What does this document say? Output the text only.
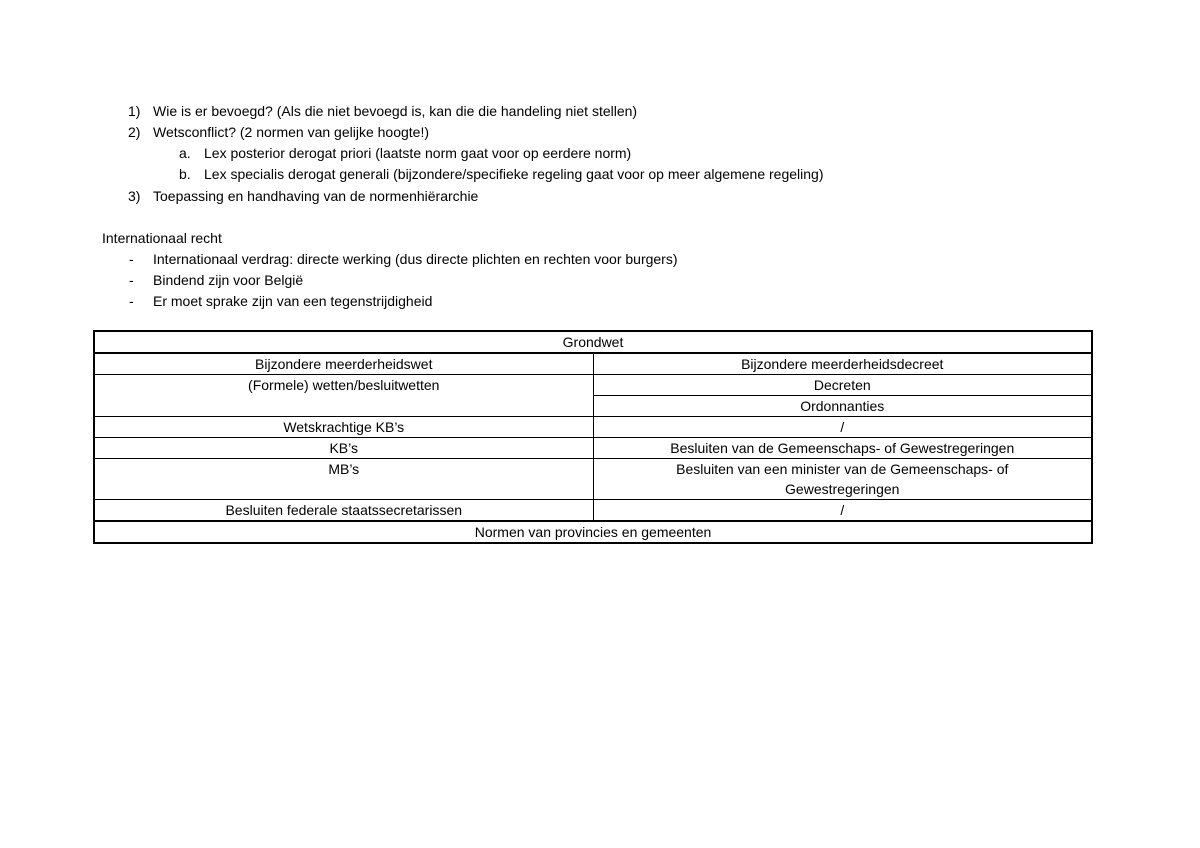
1) Wie is er bevoegd? (Als die niet bevoegd is, kan die die handeling niet stellen)
2) Wetsconflict? (2 normen van gelijke hoogte!)
a. Lex posterior derogat priori (laatste norm gaat voor op eerdere norm)
b. Lex specialis derogat generali (bijzondere/specifieke regeling gaat voor op meer algemene regeling)
3) Toepassing en handhaving van de normenhiërarchie
Internationaal recht
- Internationaal verdrag: directe werking (dus directe plichten en rechten voor burgers)
- Bindend zijn voor België
- Er moet sprake zijn van een tegenstrijdigheid
Grondwet	
Bijzondere meerderheidswet	Bijzondere meerderheidsdecreet
(Formele) wetten/besluitwetten	Decreten
	Ordonnanties
Wetskrachtige KB’s	/
KB’s	Besluiten van de Gemeenschaps- of Gewestregeringen
MB’s	Besluiten van een minister van de Gemeenschaps- of Gewestregeringen
Besluiten federale staatssecretarissen	/
Normen van provincies en gemeenten	
